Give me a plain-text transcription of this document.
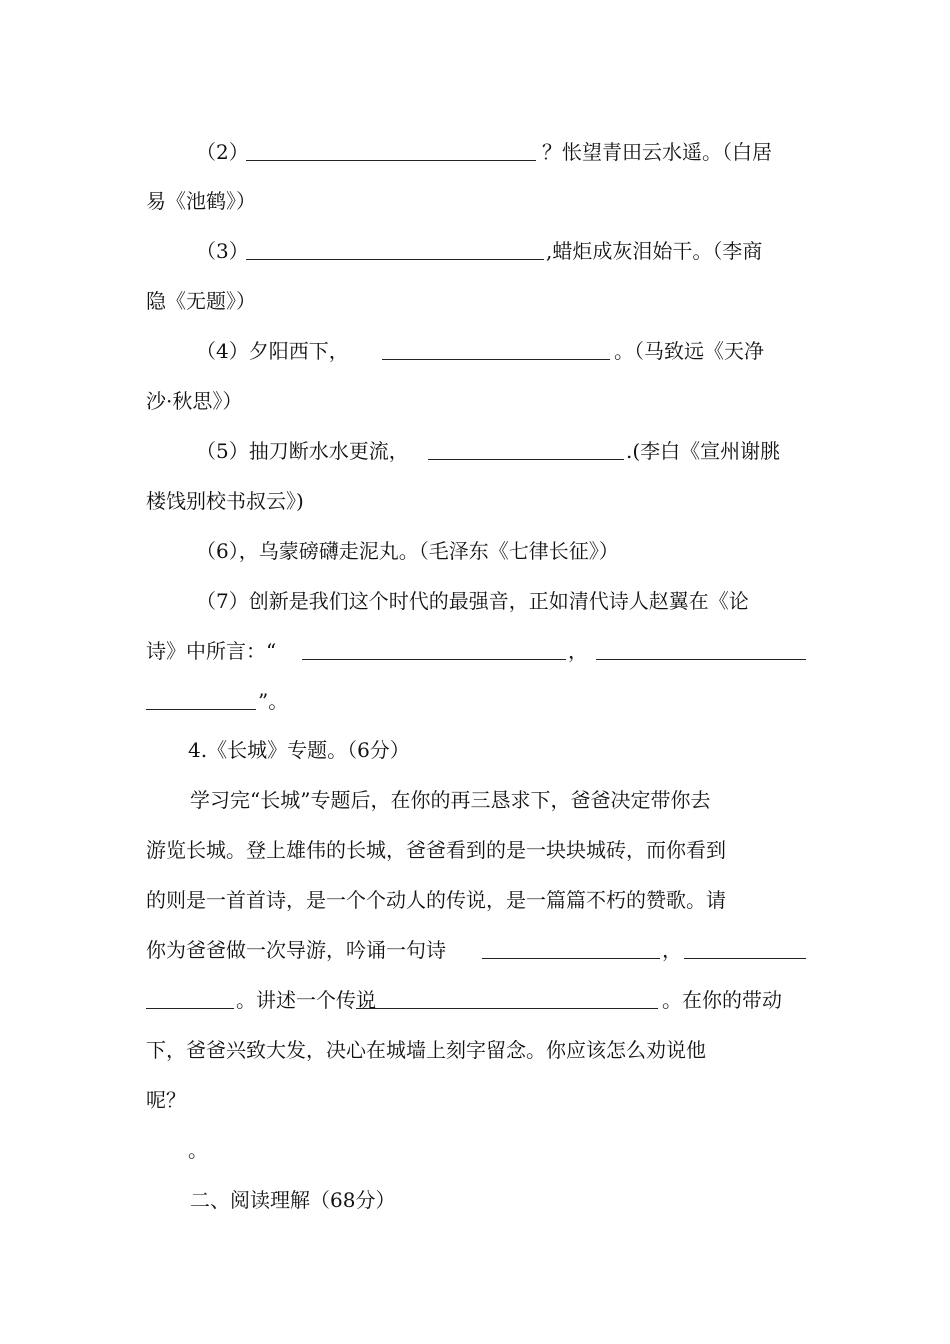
（2）	？怅望青田云水遥。（白居
易《池鹤》）
（3）	,蜡炬成灰泪始干。（李商
隐《无题》）
（4）夕阳西下，	。（马致远《天净
沙·秋思》）
（5）抽刀断水水更流，	.(李白《宣州谢朓
楼饯别校书叔云》)
（6），乌蒙磅礴走泥丸。（毛泽东《七律长征》）
（7）创新是我们这个时代的最强音，正如清代诗人赵翼在《论
诗》中所言：“	，
”。
4.《长城》专题。（6分）
学习完“长城”专题后，在你的再三恳求下，爸爸决定带你去
游览长城。登上雄伟的长城，爸爸看到的是一块块城砖，而你看到
的则是一首首诗，是一个个动人的传说，是一篇篇不朽的赞歌。请
你为爸爸做一次导游，吟诵一句诗	，
。讲述一个传说	。在你的带动
下，爸爸兴致大发，决心在城墙上刻字留念。你应该怎么劝说他
呢？
。
二、阅读理解（68分）
